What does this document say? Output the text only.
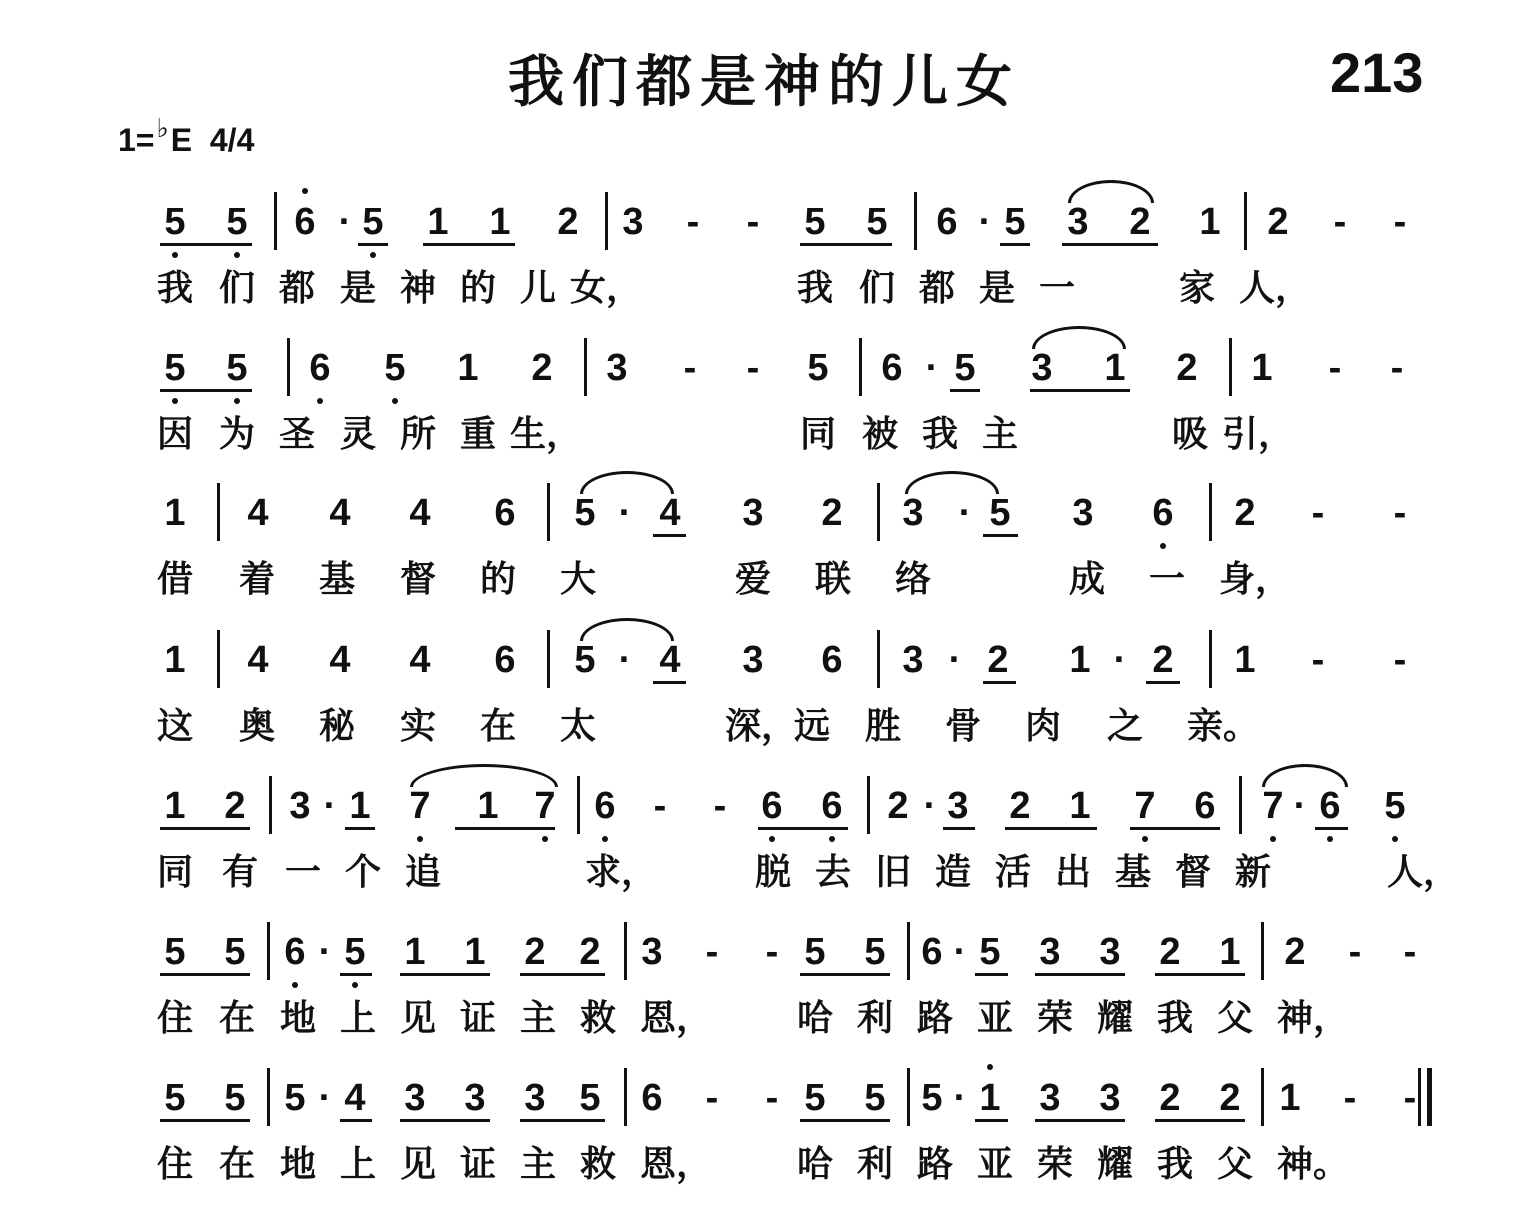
我们都是神的儿女	213
1=♭E 4/4
5 5 6 · 5 1 1 2 3	-	-	5 5 6 · 5 3 2 1 2	-	-
我 们 都 是 神 的 儿 女，	我 们 都 是 一	家 人，
5 5 6 5 1 2 3	-	-	5 6 · 5 3 1 2 1	-	-
因 为 圣 灵 所 重 生，	同 被 我 主	吸 引，
1 4 4 4 6 5 · 4 3 2 3 · 5 3 6 2	-	-
借 着 基 督 的 大	爱 联 络	成 一 身，
1 4 4 4 6 5 · 4 3 6 3 · 2 1 · 2 1	-	-
这 奥 秘 实 在 太	深，
远 胜 骨 肉 之 亲。
1 2 3 · 1 7 1 7 6	-	- 6 6 2 · 3 2 1 7 6 7 · 6 5
同 有 一 个 追	求，	脱 去 旧 造 活 出 基 督 新	人，
5 5 6 · 5 1 1 2 2 3	-	- 5 5 6 · 5 3 3 2 1 2	-	-
住 在 地 上 见 证 主 救 恩， 哈 利 路 亚 荣 耀 我 父 神，
5 5 5 · 4 3 3 3 5 6	-	- 5 5 5 · 1 3 3 2 2 1	-	-
住 在 地 上 见 证 主 救 恩， 哈 利 路 亚 荣 耀 我 父 神。
